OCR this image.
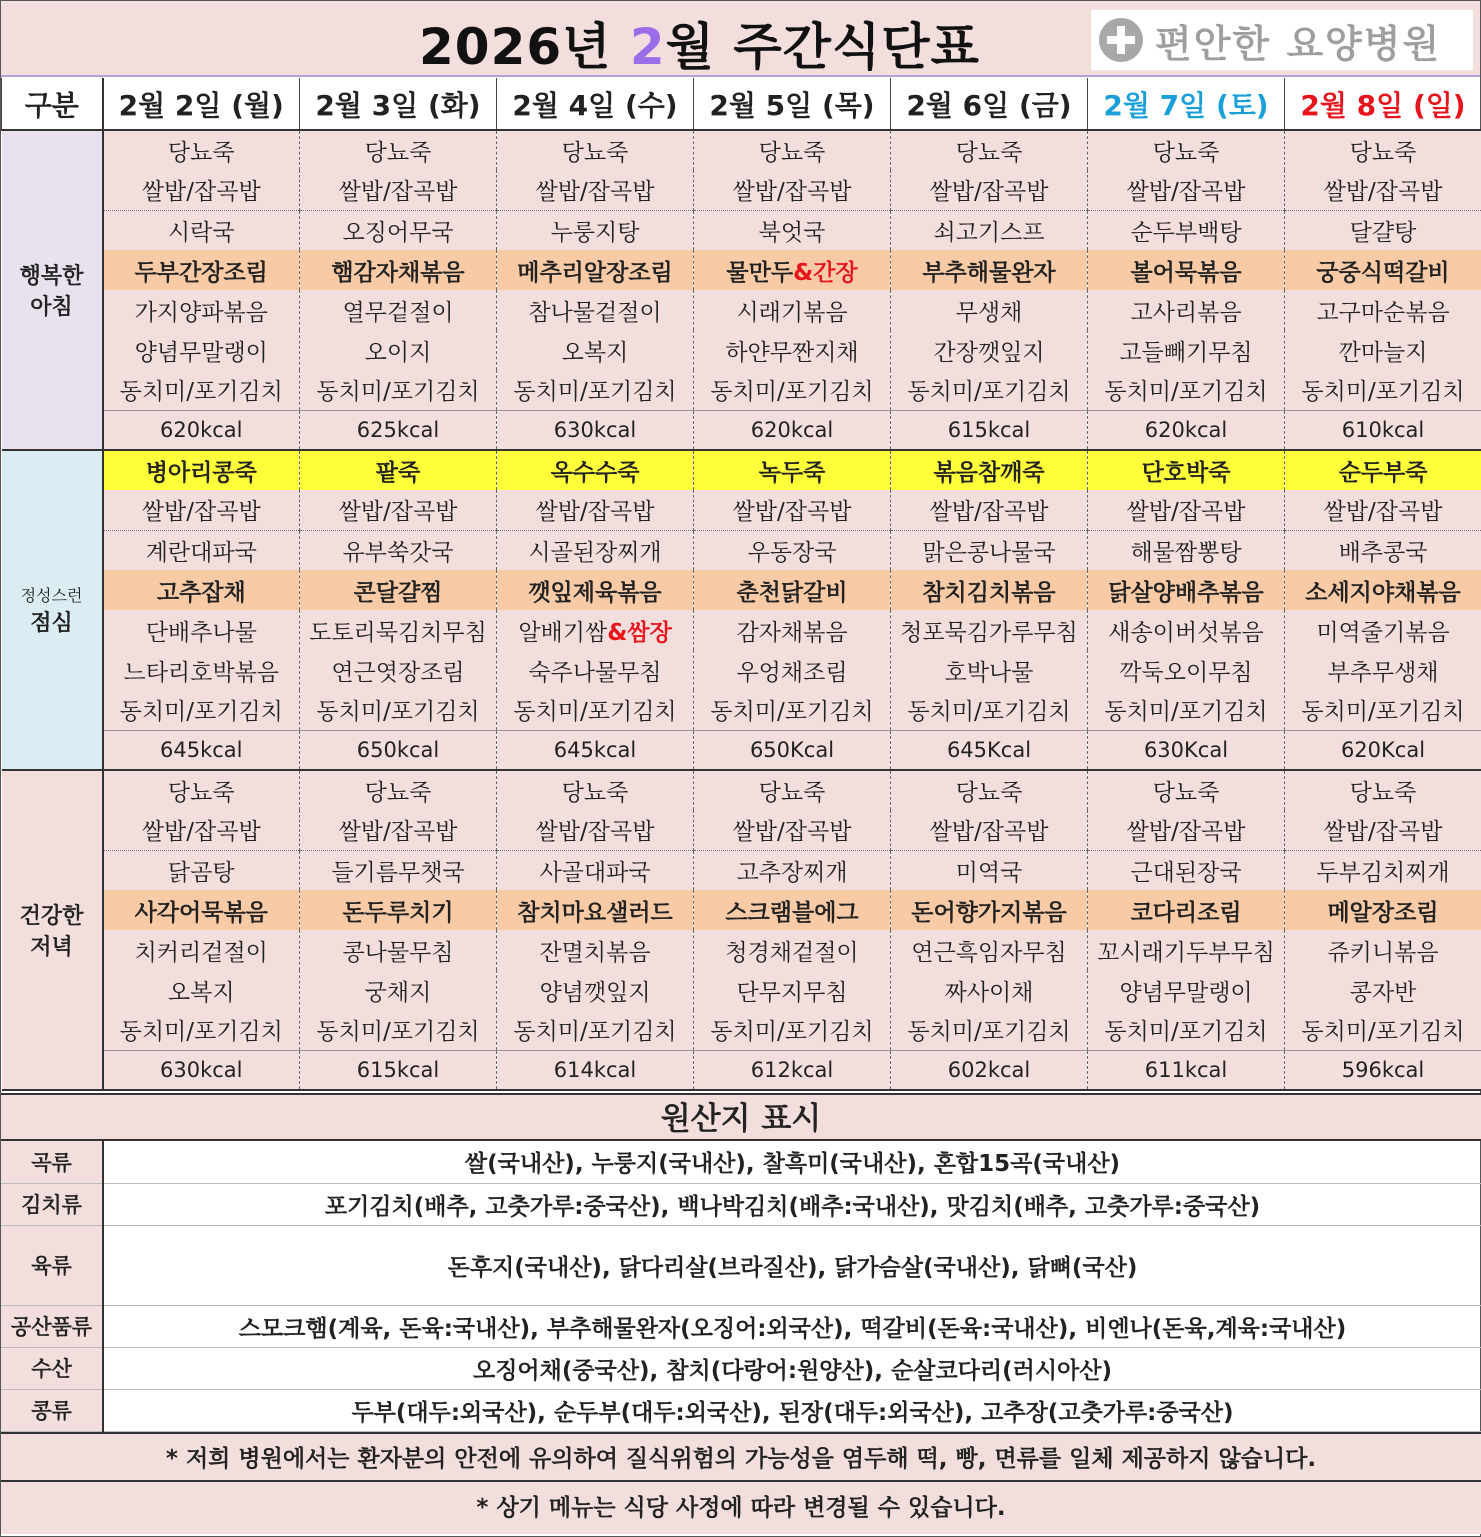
2026년 2월 주간식단표	편안한 요양병원
구분	2월 2일 (월)	2월 3일 (화)	2월 4일 (수)	2월 5일 (목)	2월 6일 (금)	2월 7일 (토)	2월 8일 (일)

행복한
아침	당뇨죽	당뇨죽	당뇨죽	당뇨죽	당뇨죽	당뇨죽	당뇨죽
	쌀밥/잡곡밥	쌀밥/잡곡밥	쌀밥/잡곡밥	쌀밥/잡곡밥	쌀밥/잡곡밥	쌀밥/잡곡밥	쌀밥/잡곡밥
	시락국	오징어무국	누룽지탕	북엇국	쇠고기스프	순두부백탕	달걀탕
	두부간장조림	햄감자채볶음	메추리알장조림	물만두&간장	부추해물완자	볼어묵볶음	궁중식떡갈비
	가지양파볶음	열무겉절이	참나물겉절이	시래기볶음	무생채	고사리볶음	고구마순볶음
	양념무말랭이	오이지	오복지	하얀무짠지채	간장깻잎지	고들빼기무침	깐마늘지
	동치미/포기김치	동치미/포기김치	동치미/포기김치	동치미/포기김치	동치미/포기김치	동치미/포기김치	동치미/포기김치
	620kcal	625kcal	630kcal	620kcal	615kcal	620kcal	610kcal

정성스런
점심	병아리콩죽	팥죽	옥수수죽	녹두죽	볶음참깨죽	단호박죽	순두부죽
	쌀밥/잡곡밥	쌀밥/잡곡밥	쌀밥/잡곡밥	쌀밥/잡곡밥	쌀밥/잡곡밥	쌀밥/잡곡밥	쌀밥/잡곡밥
	계란대파국	유부쑥갓국	시골된장찌개	우동장국	맑은콩나물국	해물짬뽕탕	배추콩국
	고추잡채	콘달걀찜	깻잎제육볶음	춘천닭갈비	참치김치볶음	닭살양배추볶음	소세지야채볶음
	단배추나물	도토리묵김치무침	알배기쌈&쌈장	감자채볶음	청포묵김가루무침	새송이버섯볶음	미역줄기볶음
	느타리호박볶음	연근엿장조림	숙주나물무침	우엉채조림	호박나물	깍둑오이무침	부추무생채
	동치미/포기김치	동치미/포기김치	동치미/포기김치	동치미/포기김치	동치미/포기김치	동치미/포기김치	동치미/포기김치
	645kcal	650kcal	645kcal	650Kcal	645Kcal	630Kcal	620Kcal

건강한
저녁	당뇨죽	당뇨죽	당뇨죽	당뇨죽	당뇨죽	당뇨죽	당뇨죽
	쌀밥/잡곡밥	쌀밥/잡곡밥	쌀밥/잡곡밥	쌀밥/잡곡밥	쌀밥/잡곡밥	쌀밥/잡곡밥	쌀밥/잡곡밥
	닭곰탕	들기름무챗국	사골대파국	고추장찌개	미역국	근대된장국	두부김치찌개
	사각어묵볶음	돈두루치기	참치마요샐러드	스크램블에그	돈어향가지볶음	코다리조림	메알장조림
	치커리겉절이	콩나물무침	잔멸치볶음	청경채겉절이	연근흑임자무침	꼬시래기두부무침	쥬키니볶음
	오복지	궁채지	양념깻잎지	단무지무침	짜사이채	양념무말랭이	콩자반
	동치미/포기김치	동치미/포기김치	동치미/포기김치	동치미/포기김치	동치미/포기김치	동치미/포기김치	동치미/포기김치
	630kcal	615kcal	614kcal	612kcal	602kcal	611kcal	596kcal
원산지 표시
곡류	쌀(국내산), 누룽지(국내산), 찰흑미(국내산), 혼합15곡(국내산)
김치류	포기김치(배추, 고춧가루:중국산), 백나박김치(배추:국내산), 맛김치(배추, 고춧가루:중국산)
육류	돈후지(국내산), 닭다리살(브라질산), 닭가슴살(국내산), 닭뼈(국산)
공산품류	스모크햄(계육, 돈육:국내산), 부추해물완자(오징어:외국산), 떡갈비(돈육:국내산), 비엔나(돈육,계육:국내산)
수산	오징어채(중국산), 참치(다랑어:원양산), 순살코다리(러시아산)
콩류	두부(대두:외국산), 순두부(대두:외국산), 된장(대두:외국산), 고추장(고춧가루:중국산)
* 저희 병원에서는 환자분의 안전에 유의하여 질식위험의 가능성을 염두해 떡, 빵, 면류를 일체 제공하지 않습니다.
* 상기 메뉴는 식당 사정에 따라 변경될 수 있습니다.
